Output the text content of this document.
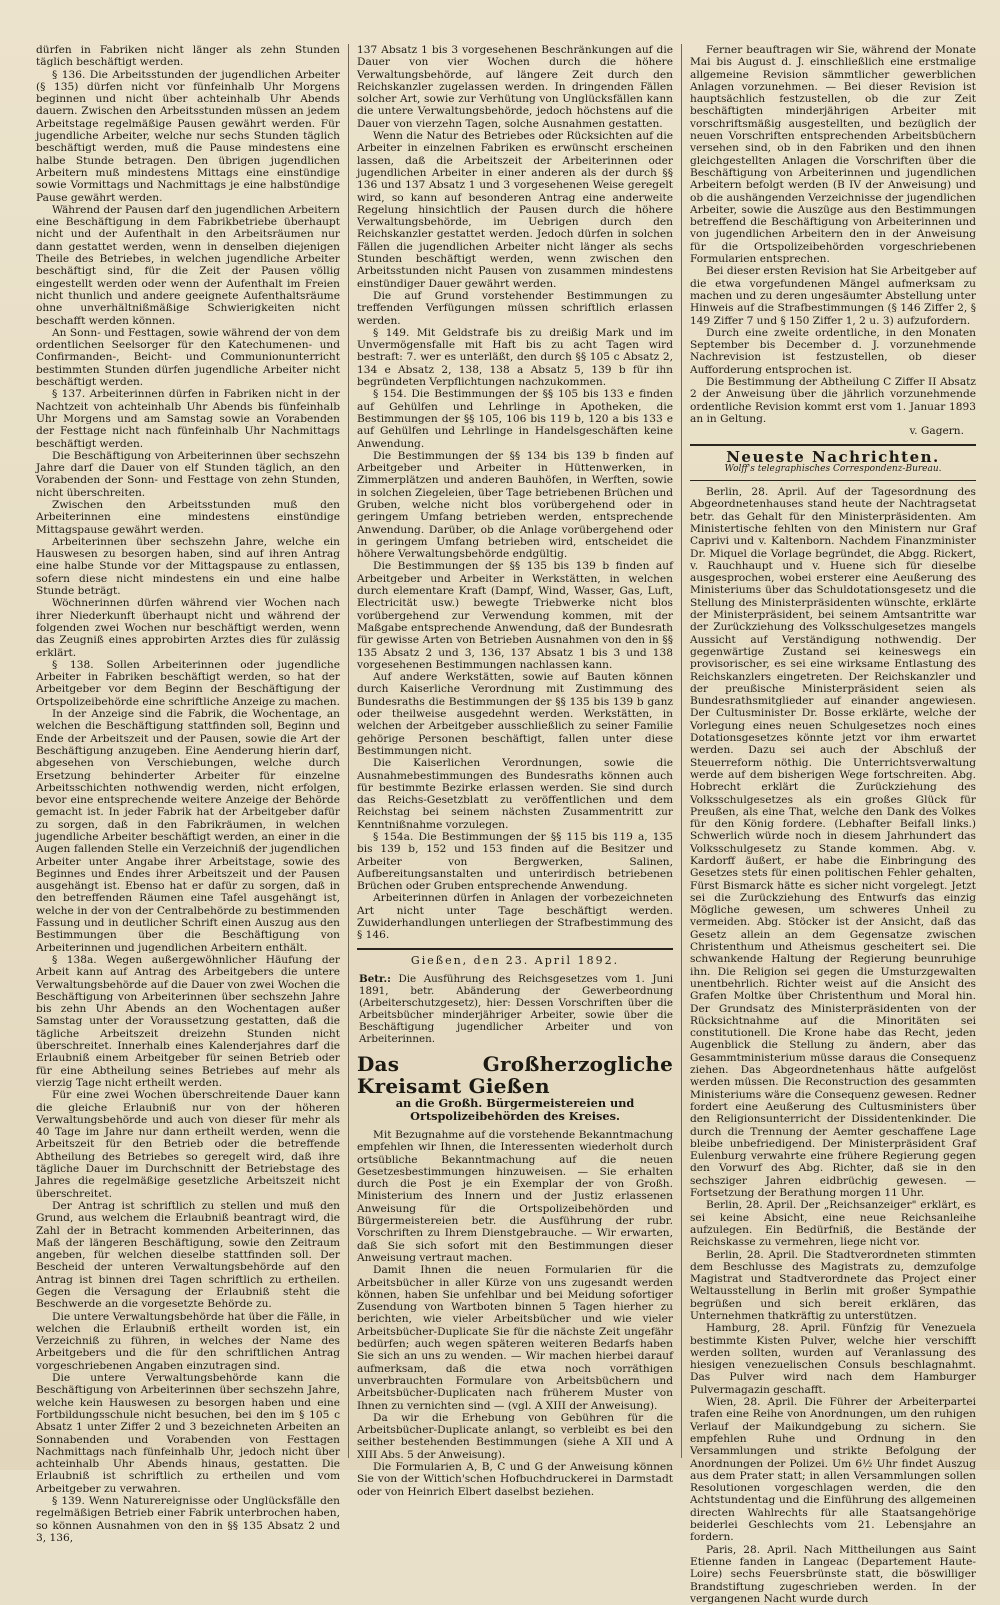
dürfen in Fabriken nicht länger als zehn Stunden täglich beschäftigt werden.

§ 136. Die Arbeitsstunden der jugendlichen Arbeiter (§ 135) dürfen nicht vor fünfeinhalb Uhr Morgens beginnen und nicht über achteinhalb Uhr Abends dauern. Zwischen den Arbeitsstunden müssen an jedem Arbeitstage regelmäßige Pausen gewährt werden. Für jugendliche Arbeiter, welche nur sechs Stunden täglich beschäftigt werden, muß die Pause mindestens eine halbe Stunde betragen. Den übrigen jugendlichen Arbeitern muß mindestens Mittags eine einstündige sowie Vormittags und Nachmittags je eine halbstündige Pause gewährt werden.

Während der Pausen darf den jugendlichen Arbeitern eine Beschäftigung in dem Fabrikbetriebe überhaupt nicht und der Aufenthalt in den Arbeitsräumen nur dann gestattet werden, wenn in denselben diejenigen Theile des Betriebes, in welchen jugendliche Arbeiter beschäftigt sind, für die Zeit der Pausen völlig eingestellt werden oder wenn der Aufenthalt im Freien nicht thunlich und andere geeignete Aufenthaltsräume ohne unverhältnißmäßige Schwierigkeiten nicht beschafft werden können.

An Sonn- und Festtagen, sowie während der von dem ordentlichen Seelsorger für den Katechumenen- und Confirmanden-, Beicht- und Communionunterricht bestimmten Stunden dürfen jugendliche Arbeiter nicht beschäftigt werden.

§ 137. Arbeiterinnen dürfen in Fabriken nicht in der Nachtzeit von achteinhalb Uhr Abends bis fünfeinhalb Uhr Morgens und am Samstag sowie an Vorabenden der Festtage nicht nach fünfeinhalb Uhr Nachmittags beschäftigt werden.

Die Beschäftigung von Arbeiterinnen über sechszehn Jahre darf die Dauer von elf Stunden täglich, an den Vorabenden der Sonn- und Festtage von zehn Stunden, nicht überschreiten.

Zwischen den Arbeitsstunden muß den Arbeiterinnen eine mindestens einstündige Mittagspause gewährt werden.

Arbeiterinnen über sechszehn Jahre, welche ein Hauswesen zu besorgen haben, sind auf ihren Antrag eine halbe Stunde vor der Mittagspause zu entlassen, sofern diese nicht mindestens ein und eine halbe Stunde beträgt.

Wöchnerinnen dürfen während vier Wochen nach ihrer Niederkunft überhaupt nicht und während der folgenden zwei Wochen nur beschäftigt werden, wenn das Zeugniß eines approbirten Arztes dies für zulässig erklärt.

§ 138. Sollen Arbeiterinnen oder jugendliche Arbeiter in Fabriken beschäftigt werden, so hat der Arbeitgeber vor dem Beginn der Beschäftigung der Ortspolizeibehörde eine schriftliche Anzeige zu machen.

In der Anzeige sind die Fabrik, die Wochentage, an welchen die Beschäftigung stattfinden soll, Beginn und Ende der Arbeitszeit und der Pausen, sowie die Art der Beschäftigung anzugeben. Eine Aenderung hierin darf, abgesehen von Verschiebungen, welche durch Ersetzung behinderter Arbeiter für einzelne Arbeitsschichten nothwendig werden, nicht erfolgen, bevor eine entsprechende weitere Anzeige der Behörde gemacht ist. In jeder Fabrik hat der Arbeitgeber dafür zu sorgen, daß in den Fabrikräumen, in welchen jugendliche Arbeiter beschäftigt werden, an einer in die Augen fallenden Stelle ein Verzeichniß der jugendlichen Arbeiter unter Angabe ihrer Arbeitstage, sowie des Beginnes und Endes ihrer Arbeitszeit und der Pausen ausgehängt ist. Ebenso hat er dafür zu sorgen, daß in den betreffenden Räumen eine Tafel ausgehängt ist, welche in der von der Centralbehörde zu bestimmenden Fassung und in deutlicher Schrift einen Auszug aus den Bestimmungen über die Beschäftigung von Arbeiterinnen und jugendlichen Arbeitern enthält.

§ 138a. Wegen außergewöhnlicher Häufung der Arbeit kann auf Antrag des Arbeitgebers die untere Verwaltungsbehörde auf die Dauer von zwei Wochen die Beschäftigung von Arbeiterinnen über sechszehn Jahre bis zehn Uhr Abends an den Wochentagen außer Samstag unter der Voraussetzung gestatten, daß die tägliche Arbeitszeit dreizehn Stunden nicht überschreitet. Innerhalb eines Kalenderjahres darf die Erlaubniß einem Arbeitgeber für seinen Betrieb oder für eine Abtheilung seines Betriebes auf mehr als vierzig Tage nicht ertheilt werden.

Für eine zwei Wochen überschreitende Dauer kann die gleiche Erlaubniß nur von der höheren Verwaltungsbehörde und auch von dieser für mehr als 40 Tage im Jahre nur dann ertheilt werden, wenn die Arbeitszeit für den Betrieb oder die betreffende Abtheilung des Betriebes so geregelt wird, daß ihre tägliche Dauer im Durchschnitt der Betriebstage des Jahres die regelmäßige gesetzliche Arbeitszeit nicht überschreitet.

Der Antrag ist schriftlich zu stellen und muß den Grund, aus welchem die Erlaubniß beantragt wird, die Zahl der in Betracht kommenden Arbeiterinnen, das Maß der längeren Beschäftigung, sowie den Zeitraum angeben, für welchen dieselbe stattfinden soll. Der Bescheid der unteren Verwaltungsbehörde auf den Antrag ist binnen drei Tagen schriftlich zu ertheilen. Gegen die Versagung der Erlaubniß steht die Beschwerde an die vorgesetzte Behörde zu.

Die untere Verwaltungsbehörde hat über die Fälle, in welchen die Erlaubniß ertheilt worden ist, ein Verzeichniß zu führen, in welches der Name des Arbeitgebers und die für den schriftlichen Antrag vorgeschriebenen Angaben einzutragen sind.

Die untere Verwaltungsbehörde kann die Beschäftigung von Arbeiterinnen über sechszehn Jahre, welche kein Hauswesen zu besorgen haben und eine Fortbildungsschule nicht besuchen, bei den im § 105 c Absatz 1 unter Ziffer 2 und 3 bezeichneten Arbeiten an Sonnabenden und Vorabenden von Festtagen Nachmittags nach fünfeinhalb Uhr, jedoch nicht über achteinhalb Uhr Abends hinaus, gestatten. Die Erlaubniß ist schriftlich zu ertheilen und vom Arbeitgeber zu verwahren.

§ 139. Wenn Naturereignisse oder Unglücksfälle den regelmäßigen Betrieb einer Fabrik unterbrochen haben, so können Ausnahmen von den in §§ 135 Absatz 2 und 3, 136,

137 Absatz 1 bis 3 vorgesehenen Beschränkungen auf die Dauer von vier Wochen durch die höhere Verwaltungsbehörde, auf längere Zeit durch den Reichskanzler zugelassen werden. In dringenden Fällen solcher Art, sowie zur Verhütung von Unglücksfällen kann die untere Verwaltungsbehörde, jedoch höchstens auf die Dauer von vierzehn Tagen, solche Ausnahmen gestatten.

Wenn die Natur des Betriebes oder Rücksichten auf die Arbeiter in einzelnen Fabriken es erwünscht erscheinen lassen, daß die Arbeitszeit der Arbeiterinnen oder jugendlichen Arbeiter in einer anderen als der durch §§ 136 und 137 Absatz 1 und 3 vorgesehenen Weise geregelt wird, so kann auf besonderen Antrag eine anderweite Regelung hinsichtlich der Pausen durch die höhere Verwaltungsbehörde, im Uebrigen durch den Reichskanzler gestattet werden. Jedoch dürfen in solchen Fällen die jugendlichen Arbeiter nicht länger als sechs Stunden beschäftigt werden, wenn zwischen den Arbeitsstunden nicht Pausen von zusammen mindestens einstündiger Dauer gewährt werden.

Die auf Grund vorstehender Bestimmungen zu treffenden Verfügungen müssen schriftlich erlassen werden.

§ 149. Mit Geldstrafe bis zu dreißig Mark und im Unvermögensfalle mit Haft bis zu acht Tagen wird bestraft: 7. wer es unterläßt, den durch §§ 105 c Absatz 2, 134 e Absatz 2, 138, 138 a Absatz 5, 139 b für ihn begründeten Verpflichtungen nachzukommen.

§ 154. Die Bestimmungen der §§ 105 bis 133 e finden auf Gehülfen und Lehrlinge in Apotheken, die Bestimmungen der §§ 105, 106 bis 119 b, 120 a bis 133 e auf Gehülfen und Lehrlinge in Handelsgeschäften keine Anwendung.

Die Bestimmungen der §§ 134 bis 139 b finden auf Arbeitgeber und Arbeiter in Hüttenwerken, in Zimmerplätzen und anderen Bauhöfen, in Werften, sowie in solchen Ziegeleien, über Tage betriebenen Brüchen und Gruben, welche nicht blos vorübergehend oder in geringem Umfang betrieben werden, entsprechende Anwendung. Darüber, ob die Anlage vorübergehend oder in geringem Umfang betrieben wird, entscheidet die höhere Verwaltungsbehörde endgültig.

Die Bestimmungen der §§ 135 bis 139 b finden auf Arbeitgeber und Arbeiter in Werkstätten, in welchen durch elementare Kraft (Dampf, Wind, Wasser, Gas, Luft, Electricität usw.) bewegte Triebwerke nicht blos vorübergehend zur Verwendung kommen, mit der Maßgabe entsprechende Anwendung, daß der Bundesrath für gewisse Arten von Betrieben Ausnahmen von den in §§ 135 Absatz 2 und 3, 136, 137 Absatz 1 bis 3 und 138 vorgesehenen Bestimmungen nachlassen kann.

Auf andere Werkstätten, sowie auf Bauten können durch Kaiserliche Verordnung mit Zustimmung des Bundesraths die Bestimmungen der §§ 135 bis 139 b ganz oder theilweise ausgedehnt werden. Werkstätten, in welchen der Arbeitgeber ausschließlich zu seiner Familie gehörige Personen beschäftigt, fallen unter diese Bestimmungen nicht.

Die Kaiserlichen Verordnungen, sowie die Ausnahmebestimmungen des Bundesraths können auch für bestimmte Bezirke erlassen werden. Sie sind durch das Reichs-Gesetzblatt zu veröffentlichen und dem Reichstag bei seinem nächsten Zusammentritt zur Kenntnißnahme vorzulegen.

§ 154a. Die Bestimmungen der §§ 115 bis 119 a, 135 bis 139 b, 152 und 153 finden auf die Besitzer und Arbeiter von Bergwerken, Salinen, Aufbereitungsanstalten und unterirdisch betriebenen Brüchen oder Gruben entsprechende Anwendung.

Arbeiterinnen dürfen in Anlagen der vorbezeichneten Art nicht unter Tage beschäftigt werden. Zuwiderhandlungen unterliegen der Strafbestimmung des § 146.

Gießen, den 23. April 1892.
Betr.: Die Ausführung des Reichsgesetzes vom 1. Juni 1891, betr. Abänderung der Gewerbeordnung (Arbeiterschutzgesetz), hier: Dessen Vorschriften über die Arbeitsbücher minderjähriger Arbeiter, sowie über die Beschäftigung jugendlicher Arbeiter und von Arbeiterinnen.
Das Großherzogliche Kreisamt Gießen
an die Großh. Bürgermeistereien und Ortspolizeibehörden des Kreises.

Mit Bezugnahme auf die vorstehende Bekanntmachung empfehlen wir Ihnen, die Interessenten wiederholt durch ortsübliche Bekanntmachung auf die neuen Gesetzesbestimmungen hinzuweisen. — Sie erhalten durch die Post je ein Exemplar der von Großh. Ministerium des Innern und der Justiz erlassenen Anweisung für die Ortspolizeibehörden und Bürgermeistereien betr. die Ausführung der rubr. Vorschriften zu Ihrem Dienstgebrauche. — Wir erwarten, daß Sie sich sofort mit den Bestimmungen dieser Anweisung vertraut machen.

Damit Ihnen die neuen Formularien für die Arbeitsbücher in aller Kürze von uns zugesandt werden können, haben Sie unfehlbar und bei Meidung sofortiger Zusendung von Wartboten binnen 5 Tagen hierher zu berichten, wie vieler Arbeitsbücher und wie vieler Arbeitsbücher-Duplicate Sie für die nächste Zeit ungefähr bedürfen; auch wegen späteren weiteren Bedarfs haben Sie sich an uns zu wenden. — Wir machen hierbei darauf aufmerksam, daß die etwa noch vorräthigen unverbrauchten Formulare von Arbeitsbüchern und Arbeitsbücher-Duplicaten nach früherem Muster von Ihnen zu vernichten sind — (vgl. A XIII der Anweisung).

Da wir die Erhebung von Gebühren für die Arbeitsbücher-Duplicate anlangt, so verbleibt es bei den seither bestehenden Bestimmungen (siehe A XII und A XIII Abs. 5 der Anweisung).

Die Formularien A, B, C und G der Anweisung können Sie von der Wittich'schen Hofbuchdruckerei in Darmstadt oder von Heinrich Elbert daselbst beziehen.

Ferner beauftragen wir Sie, während der Monate Mai bis August d. J. einschließlich eine erstmalige allgemeine Revision sämmtlicher gewerblichen Anlagen vorzunehmen. — Bei dieser Revision ist hauptsächlich festzustellen, ob die zur Zeit beschäftigten minderjährigen Arbeiter mit vorschriftsmäßig ausgestellten, und bezüglich der neuen Vorschriften entsprechenden Arbeitsbüchern versehen sind, ob in den Fabriken und den ihnen gleichgestellten Anlagen die Vorschriften über die Beschäftigung von Arbeiterinnen und jugendlichen Arbeitern befolgt werden (B IV der Anweisung) und ob die aushängenden Verzeichnisse der jugendlichen Arbeiter, sowie die Auszüge aus den Bestimmungen betreffend die Beschäftigung von Arbeiterinnen und von jugendlichen Arbeitern den in der Anweisung für die Ortspolizeibehörden vorgeschriebenen Formularien entsprechen.

Bei dieser ersten Revision hat Sie Arbeitgeber auf die etwa vorgefundenen Mängel aufmerksam zu machen und zu deren ungesäumter Abstellung unter Hinweis auf die Strafbestimmungen (§ 146 Ziffer 2, § 149 Ziffer 7 und § 150 Ziffer 1, 2 u. 3) aufzufordern.

Durch eine zweite ordentliche, in den Monaten September bis December d. J. vorzunehmende Nachrevision ist festzustellen, ob dieser Aufforderung entsprochen ist.

Die Bestimmung der Abtheilung C Ziffer II Absatz 2 der Anweisung über die jährlich vorzunehmende ordentliche Revision kommt erst vom 1. Januar 1893 an in Geltung.

v. Gagern.
Neueste Nachrichten.
Wolff's telegraphisches Correspondenz-Bureau.

Berlin, 28. April. Auf der Tagesordnung des Abgeordnetenhauses stand heute der Nachtragsetat betr. das Gehalt für den Ministerpräsidenten. Am Ministertische fehlten von den Ministern nur Graf Caprivi und v. Kaltenborn. Nachdem Finanzminister Dr. Miquel die Vorlage begründet, die Abgg. Rickert, v. Rauchhaupt und v. Huene sich für dieselbe ausgesprochen, wobei ersterer eine Aeußerung des Ministeriums über das Schuldotationsgesetz und die Stellung des Ministerpräsidenten wünschte, erklärte der Ministerpräsident, bei seinem Amtsantritte war der Zurückziehung des Volksschulgesetzes mangels Aussicht auf Verständigung nothwendig. Der gegenwärtige Zustand sei keineswegs ein provisorischer, es sei eine wirksame Entlastung des Reichskanzlers eingetreten. Der Reichskanzler und der preußische Ministerpräsident seien als Bundesrathsmitglieder auf einander angewiesen. Der Cultusminister Dr. Bosse erklärte, welche der Vorlegung eines neuen Schulgesetzes noch eines Dotationsgesetzes könnte jetzt vor ihm erwartet werden. Dazu sei auch der Abschluß der Steuerreform nöthig. Die Unterrichtsverwaltung werde auf dem bisherigen Wege fortschreiten. Abg. Hobrecht erklärt die Zurückziehung des Volksschulgesetzes als ein großes Glück für Preußen, als eine That, welche den Dank des Volkes für den König fordere. (Lebhafter Beifall links.) Schwerlich würde noch in diesem Jahrhundert das Volksschulgesetz zu Stande kommen. Abg. v. Kardorff äußert, er habe die Einbringung des Gesetzes stets für einen politischen Fehler gehalten, Fürst Bismarck hätte es sicher nicht vorgelegt. Jetzt sei die Zurückziehung des Entwurfs das einzig Mögliche gewesen, um schweres Unheil zu vermeiden. Abg. Stöcker ist der Ansicht, daß das Gesetz allein an dem Gegensatze zwischen Christenthum und Atheismus gescheitert sei. Die schwankende Haltung der Regierung beunruhige ihn. Die Religion sei gegen die Umsturzgewalten unentbehrlich. Richter weist auf die Ansicht des Grafen Moltke über Christenthum und Moral hin. Der Grundsatz des Ministerpräsidenten von der Rücksichtnahme auf die Minoritäten sei constitutionell. Die Krone habe das Recht, jeden Augenblick die Stellung zu ändern, aber das Gesammtministerium müsse daraus die Consequenz ziehen. Das Abgeordnetenhaus hätte aufgelöst werden müssen. Die Reconstruction des gesammten Ministeriums wäre die Consequenz gewesen. Redner fordert eine Aeußerung des Cultusministers über den Religionsunterricht der Dissidentenkinder. Die durch die Trennung der Aemter geschaffene Lage bleibe unbefriedigend. Der Ministerpräsident Graf Eulenburg verwahrte eine frühere Regierung gegen den Vorwurf des Abg. Richter, daß sie in den sechsziger Jahren eidbrüchig gewesen. — Fortsetzung der Berathung morgen 11 Uhr.

Berlin, 28. April. Der „Reichsanzeiger" erklärt, es sei keine Absicht, eine neue Reichsanleihe aufzulegen. Ein Bedürfniß, die Bestände der Reichskasse zu vermehren, liege nicht vor.

Berlin, 28. April. Die Stadtverordneten stimmten dem Beschlusse des Magistrats zu, demzufolge Magistrat und Stadtverordnete das Project einer Weltausstellung in Berlin mit großer Sympathie begrüßen und sich bereit erklären, das Unternehmen thatkräftig zu unterstützen.

Hamburg, 28. April. Fünfzig für Venezuela bestimmte Kisten Pulver, welche hier verschifft werden sollten, wurden auf Veranlassung des hiesigen venezuelischen Consuls beschlagnahmt. Das Pulver wird nach dem Hamburger Pulvermagazin geschafft.

Wien, 28. April. Die Führer der Arbeiterpartei trafen eine Reihe von Anordnungen, um den ruhigen Verlauf der Maikundgebung zu sichern. Sie empfehlen Ruhe und Ordnung in den Versammlungen und strikte Befolgung der Anordnungen der Polizei. Um 6½ Uhr findet Auszug aus dem Prater statt; in allen Versammlungen sollen Resolutionen vorgeschlagen werden, die den Achtstundentag und die Einführung des allgemeinen directen Wahlrechts für alle Staatsangehörige beiderlei Geschlechts vom 21. Lebensjahre an fordern.

Paris, 28. April. Nach Mittheilungen aus Saint Etienne fanden in Langeac (Departement Haute-Loire) sechs Feuersbrünste statt, die böswilliger Brandstiftung zugeschrieben werden. In der vergangenen Nacht wurde durch
